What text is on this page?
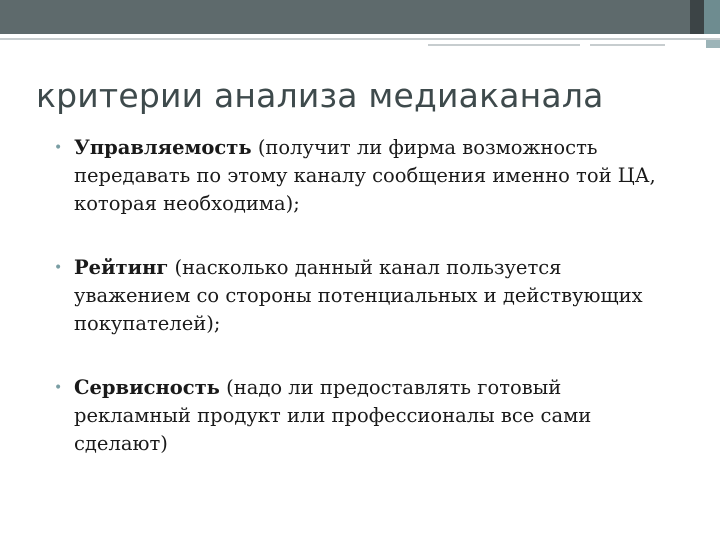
критерии анализа медиаканала
• Управляемость (получит ли фирма возможность передавать по этому каналу сообщения именно той ЦА, которая необходима);
• Рейтинг (насколько данный канал пользуется уважением со стороны потенциальных и действующих покупателей);
• Сервисность (надо ли предоставлять готовый рекламный продукт или профессионалы все сами сделают)
